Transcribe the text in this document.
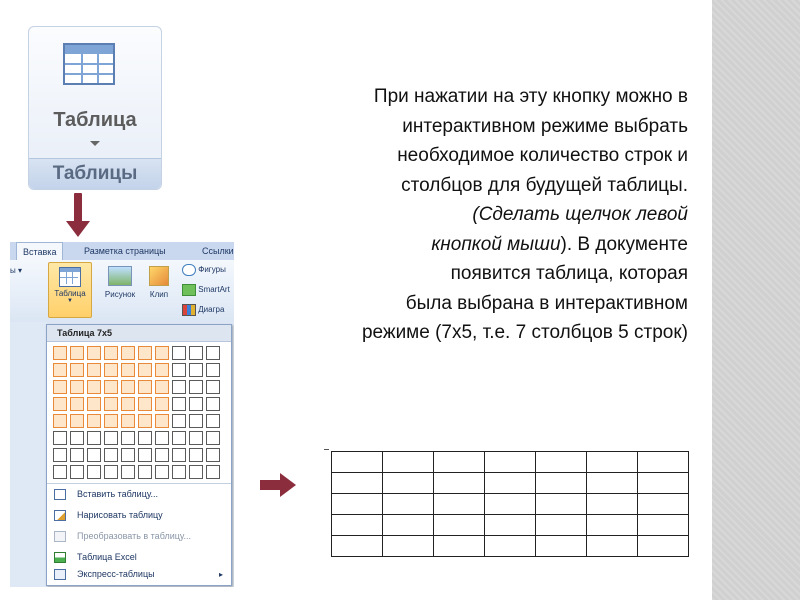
Таблица
Таблицы
Вставка	Разметка страницы	Ссылки
ы ▾
Таблица
▼
Рисунок	Клип
Фигуры
SmartArt
Диагра
Таблица 7x5
Вставить таблицу...
Нарисовать таблицу
Преобразовать в таблицу...
Таблица Excel
Экспресс-таблицы	▸
При нажатии на эту кнопку можно в
интерактивном режиме выбрать
необходимое количество строк и
столбцов для будущей таблицы.
(Сделать щелчок левой
кнопкой мыши). В документе
появится таблица, которая
была выбрана в интерактивном
режиме (7х5, т.е. 7 столбцов 5 строк)
